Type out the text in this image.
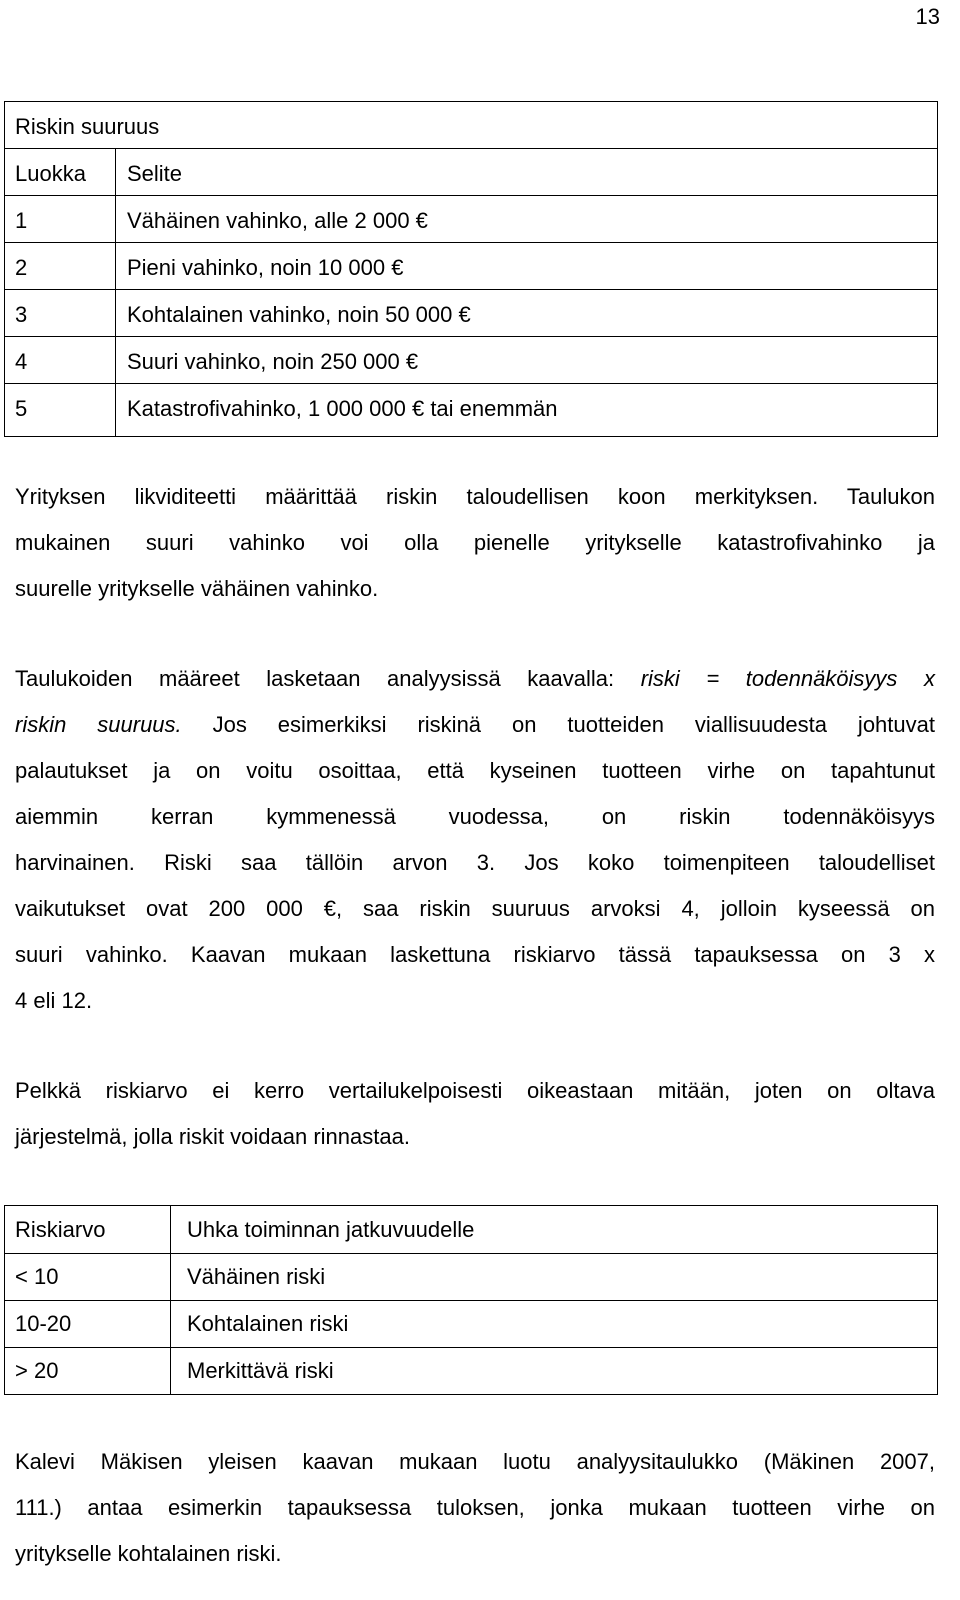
13
Riskin suuruus
Luokka Selite
1	Vähäinen vahinko, alle 2 000 €
2	Pieni vahinko, noin 10 000 €
3	Kohtalainen vahinko, noin 50 000 €
4	Suuri vahinko, noin 250 000 €
5	Katastrofivahinko, 1 000 000 € tai enemmän
Yrityksen likviditeetti määrittää riskin taloudellisen koon merkityksen. Taulukon
mukainen suuri vahinko voi olla pienelle yritykselle katastrofivahinko ja
suurelle yritykselle vähäinen vahinko.
Taulukoiden määreet lasketaan analyysissä kaavalla: riski = todennäköisyys x
riskin suuruus. Jos esimerkiksi riskinä on tuotteiden viallisuudesta johtuvat
palautukset ja on voitu osoittaa, että kyseinen tuotteen virhe on tapahtunut
aiemmin kerran kymmenessä vuodessa, on riskin todennäköisyys
harvinainen. Riski saa tällöin arvon 3. Jos koko toimenpiteen taloudelliset
vaikutukset ovat 200 000 €, saa riskin suuruus arvoksi 4, jolloin kyseessä on
suuri vahinko. Kaavan mukaan laskettuna riskiarvo tässä tapauksessa on 3 x
4 eli 12.
Pelkkä riskiarvo ei kerro vertailukelpoisesti oikeastaan mitään, joten on oltava
järjestelmä, jolla riskit voidaan rinnastaa.
Riskiarvo	Uhka toiminnan jatkuvuudelle
< 10	Vähäinen riski
10-20	Kohtalainen riski
> 20	Merkittävä riski
Kalevi Mäkisen yleisen kaavan mukaan luotu analyysitaulukko (Mäkinen 2007,
111.) antaa esimerkin tapauksessa tuloksen, jonka mukaan tuotteen virhe on
yritykselle kohtalainen riski.
